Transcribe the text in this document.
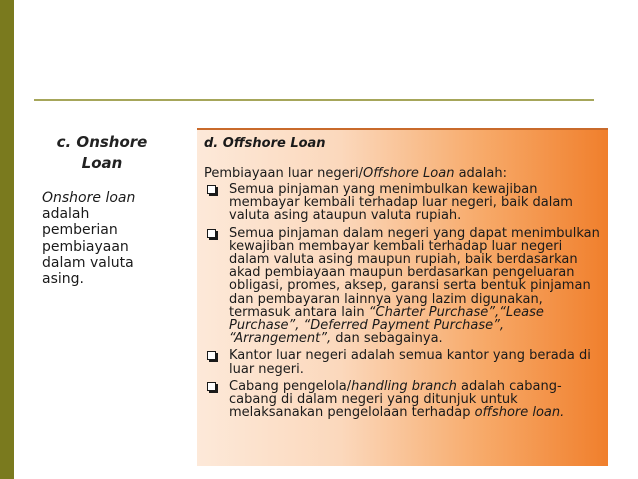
c. Onshore Loan
Onshore loan adalah pemberian pembiayaan dalam valuta asing.
d. Offshore Loan
Pembiayaan luar negeri/Offshore Loan adalah:
Semua pinjaman yang menimbulkan kewajiban membayar kembali terhadap luar negeri, baik dalam valuta asing ataupun valuta rupiah.
Semua pinjaman dalam negeri yang dapat menimbulkan kewajiban membayar kembali terhadap luar negeri dalam valuta asing maupun rupiah, baik berdasarkan akad pembiayaan maupun berdasarkan pengeluaran obligasi, promes, aksep, garansi serta bentuk pinjaman dan pembayaran lainnya yang lazim digunakan, termasuk antara lain “Charter Purchase”,“Lease Purchase”, “Deferred Payment Purchase”, “Arrangement”, dan sebagainya.
Kantor luar negeri adalah semua kantor yang berada di luar negeri.
Cabang pengelola/handling branch adalah cabang-cabang di dalam negeri yang ditunjuk untuk melaksanakan pengelolaan terhadap offshore loan.
